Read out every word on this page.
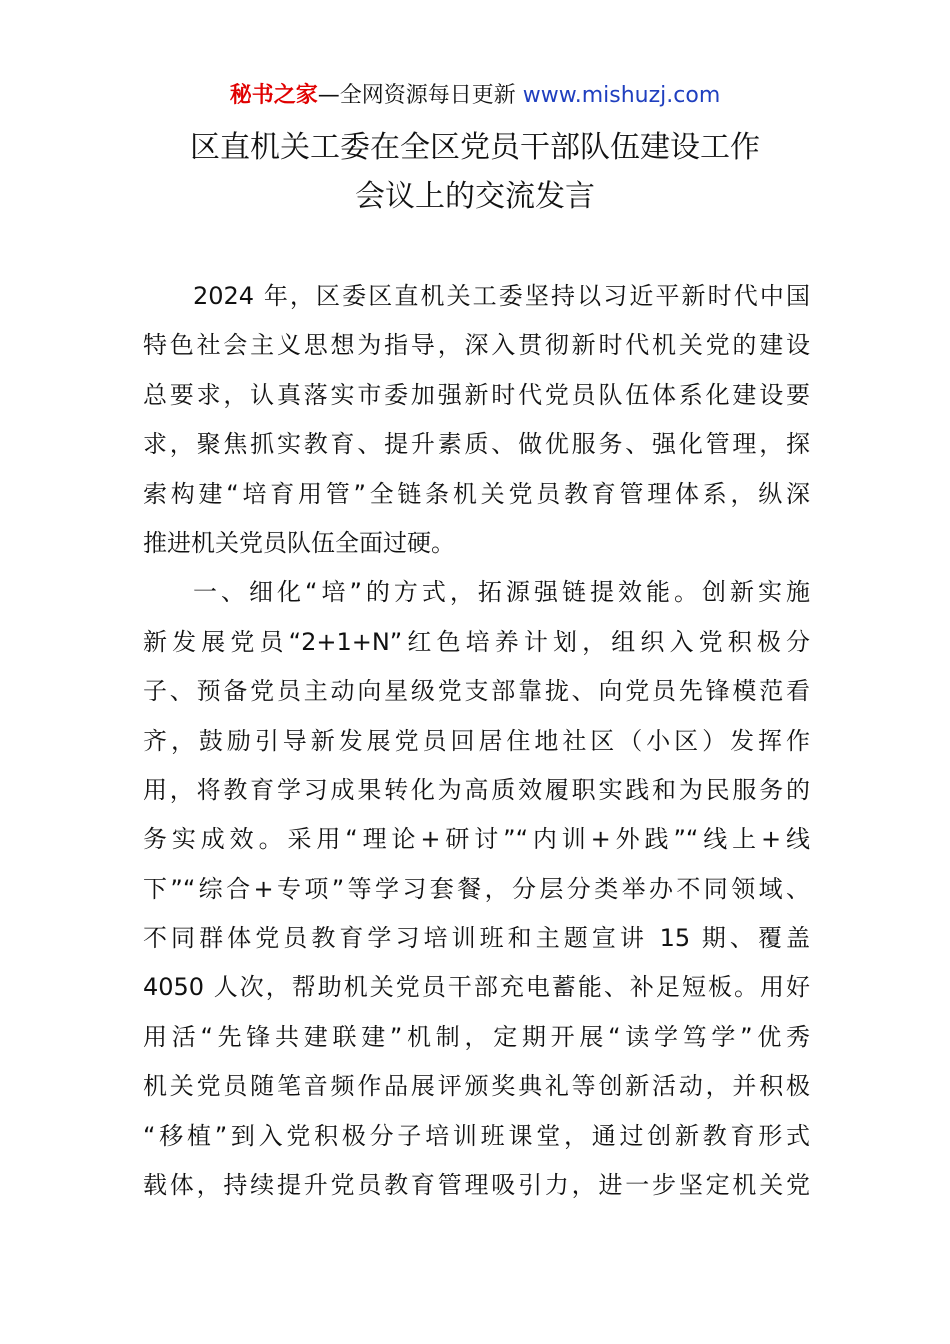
秘书之家—全网资源每日更新 www.mishuzj.com
区直机关工委在全区党员干部队伍建设工作
会议上的交流发言
2024 年，区委区直机关工委坚持以习近平新时代中国
特色社会主义思想为指导，深入贯彻新时代机关党的建设
总要求，认真落实市委加强新时代党员队伍体系化建设要
求，聚焦抓实教育、提升素质、做优服务、强化管理，探
索构建“培育用管”全链条机关党员教育管理体系，纵深
推进机关党员队伍全面过硬。
一、细化“培”的方式，拓源强链提效能。创新实施
新发展党员“2+1+N”红色培养计划，组织入党积极分
子、预备党员主动向星级党支部靠拢、向党员先锋模范看
齐，鼓励引导新发展党员回居住地社区（小区）发挥作
用，将教育学习成果转化为高质效履职实践和为民服务的
务实成效。采用“理论+研讨”“内训+外践”“线上+线
下”“综合+专项”等学习套餐，分层分类举办不同领域、
不同群体党员教育学习培训班和主题宣讲 15 期、覆盖
4050 人次，帮助机关党员干部充电蓄能、补足短板。用好
用活“先锋共建联建”机制，定期开展“读学笃学”优秀
机关党员随笔音频作品展评颁奖典礼等创新活动，并积极
“移植”到入党积极分子培训班课堂，通过创新教育形式
载体，持续提升党员教育管理吸引力，进一步坚定机关党
